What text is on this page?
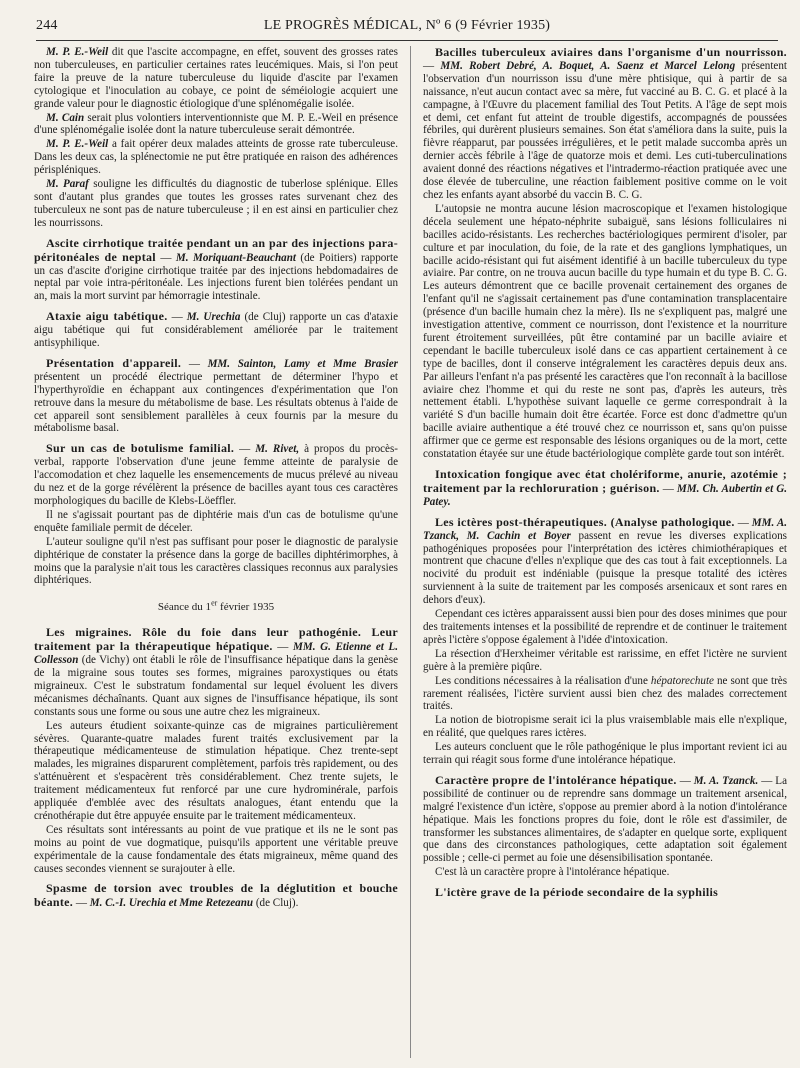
244	LE PROGRÈS MÉDICAL, Nº 6 (9 Février 1935)

M. P. E.-Weil dit que l'ascite accompagne, en effet, souvent des grosses rates non tuberculeuses, en particulier certaines rates leucémiques. Mais, si l'on peut faire la preuve de la nature tuberculeuse du liquide d'ascite par l'examen cytologique et l'inoculation au cobaye, ce point de séméiologie acquiert une grande valeur pour le diagnostic étiologique d'une splénomégalie isolée.

M. Cain serait plus volontiers interventionniste que M. P. E.-Weil en présence d'une splénomégalie isolée dont la nature tuberculeuse serait démontrée.

M. P. E.-Weil a fait opérer deux malades atteints de grosse rate tuberculeuse. Dans les deux cas, la splénectomie ne put être pratiquée en raison des adhérences périspléniques.

M. Paraf souligne les difficultés du diagnostic de tuberlose splénique. Elles sont d'autant plus grandes que toutes les grosses rates survenant chez des tuberculeux ne sont pas de nature tuberculeuse ; il en est ainsi en particulier chez les nourrissons.

Ascite cirrhotique traitée pendant un an par des injections para-péritonéales de neptal — M. Moriquant-Beauchant (de Poitiers) rapporte un cas d'ascite d'origine cirrhotique traitée par des injections hebdomadaires de neptal par voie intra-péritonéale. Les injections furent bien tolérées pendant un an, mais la mort survint par hémorragie intestinale.

Ataxie aigu tabétique. — M. Urechia (de Cluj) rapporte un cas d'ataxie aigu tabétique qui fut considérablement améliorée par le traitement antisyphilique.

Présentation d'appareil. — MM. Sainton, Lamy et Mme Brasier présentent un procédé électrique permettant de déterminer l'hypo et l'hyperthyroïdie en échappant aux contingences d'expérimentation que l'on retrouve dans la mesure du métabolisme de base. Les résultats obtenus à l'aide de cet appareil sont sensiblement parallèles à ceux fournis par la mesure du métabolisme basal.

Sur un cas de botulisme familial. — M. Rivet, à propos du procès-verbal, rapporte l'observation d'une jeune femme atteinte de paralysie de l'accomodation et chez laquelle les ensemencements de mucus prélevé au niveau du nez et de la gorge révélèrent la présence de bacilles ayant tous ces caractères morphologiques du bacille de Klebs-Löeffler.

Il ne s'agissait pourtant pas de diphtérie mais d'un cas de botulisme qu'une enquête familiale permit de déceler.

L'auteur souligne qu'il n'est pas suffisant pour poser le diagnostic de paralysie diphtérique de constater la présence dans la gorge de bacilles diphtérimorphes, à moins que la paralysie n'ait tous les caractères classiques reconnus aux paralysies diphtériques.

Séance du 1er février 1935

Les migraines. Rôle du foie dans leur pathogénie. Leur traitement par la thérapeutique hépatique. — MM. G. Etienne et L. Collesson (de Vichy) ont établi le rôle de l'insuffisance hépatique dans la genèse de la migraine sous toutes ses formes, migraines paroxystiques ou états migraineux. C'est le substratum fondamental sur lequel évoluent les divers mécanismes déchaînants. Quant aux signes de l'insuffisance hépatique, ils sont constants sous une forme ou sous une autre chez les migraineux.

Les auteurs étudient soixante-quinze cas de migraines particulièrement sévères. Quarante-quatre malades furent traités exclusivement par la thérapeutique médicamenteuse de stimulation hépatique. Chez trente-sept malades, les migraines disparurent complètement, parfois très rapidement, ou des s'atténuèrent et s'espacèrent très considérablement. Chez trente sujets, le traitement médicamenteux fut renforcé par une cure hydrominérale, parfois appliquée d'emblée avec des résultats analogues, étant entendu que la crénothérapie dut être appuyée ensuite par le traitement médicamenteux.

Ces résultats sont intéressants au point de vue pratique et ils ne le sont pas moins au point de vue dogmatique, puisqu'ils apportent une véritable preuve expérimentale de la cause fondamentale des états migraineux, même quand des causes secondes viennent se surajouter à elle.

Spasme de torsion avec troubles de la déglutition et bouche béante. — M. C.-I. Urechia et Mme Retezeanu (de Cluj).

Bacilles tuberculeux aviaires dans l'organisme d'un nourrisson. — MM. Robert Debré, A. Boquet, A. Saenz et Marcel Lelong présentent l'observation d'un nourrisson issu d'une mère phtisique, qui à partir de sa naissance, n'eut aucun contact avec sa mère, fut vacciné au B. C. G. et placé à la campagne, à l'Œuvre du placement familial des Tout Petits. A l'âge de sept mois et demi, cet enfant fut atteint de trouble digestifs, accompagnés de poussées fébriles, qui durèrent plusieurs semaines. Son état s'améliora dans la suite, puis la fièvre réapparut, par poussées irrégulières, et le petit malade succomba après un dernier accès fébrile à l'âge de quatorze mois et demi. Les cuti-tuberculinations avaient donné des réactions négatives et l'intradermo-réaction pratiquée avec une dose élevée de tuberculine, une réaction faiblement positive comme on le voit chez les enfants ayant absorbé du vaccin B. C. G.

L'autopsie ne montra aucune lésion macroscopique et l'examen histologique décela seulement une hépato-néphrite subaiguë, sans lésions folliculaires ni bacilles acido-résistants. Les recherches bactériologiques permirent d'isoler, par culture et par inoculation, du foie, de la rate et des ganglions lymphatiques, un bacille acido-résistant qui fut aisément identifié à un bacille tuberculeux du type aviaire. Par contre, on ne trouva aucun bacille du type humain et du type B. C. G. Les auteurs démontrent que ce bacille provenait certainement des organes de l'enfant qu'il ne s'agissait certainement pas d'une contamination transplacentaire (présence d'un bacille humain chez la mère). Ils ne s'expliquent pas, malgré une investigation attentive, comment ce nourrisson, dont l'existence et la nourriture furent étroitement surveillées, pût être contaminé par un bacille aviaire et cependant le bacille tuberculeux isolé dans ce cas appartient certainement à ce type de bacilles, dont il conserve intégralement les caractères depuis deux ans. Par ailleurs l'enfant n'a pas présenté les caractères que l'on reconnaît à la bacillose aviaire chez l'homme et qui du reste ne sont pas, d'après les auteurs, très nettement établi. L'hypothèse suivant laquelle ce germe correspondrait à la variété S d'un bacille humain doit être écartée. Force est donc d'admettre qu'un bacille aviaire authentique a été trouvé chez ce nourrisson et, sans qu'on puisse affirmer que ce germe est responsable des lésions organiques ou de la mort, cette constatation étayée sur une étude bactériologique complète garde tout son intérêt.

Intoxication fongique avec état cholériforme, anurie, azotémie ; traitement par la rechloruration ; guérison. — MM. Ch. Aubertin et G. Patey.

Les ictères post-thérapeutiques. (Analyse pathologique. — MM. A. Tzanck, M. Cachin et Boyer passent en revue les diverses explications pathogéniques proposées pour l'interprétation des ictères chimiothérapiques et montrent que chacune d'elles n'explique que des cas tout à fait exceptionnels. La nocivité du produit est indéniable (puisque la presque totalité des ictères surviennent à la suite de traitement par les composés arsenicaux et sont rares en dehors d'eux).

Cependant ces ictères apparaissent aussi bien pour des doses minimes que pour des traitements intenses et la possibilité de reprendre et de continuer le traitement après l'ictère s'oppose également à l'idée d'intoxication.

La résection d'Herxheimer véritable est rarissime, en effet l'ictère ne survient guère à la première piqûre.

Les conditions nécessaires à la réalisation d'une hépatorechute ne sont que très rarement réalisées, l'ictère survient aussi bien chez des malades correctement traités.

La notion de biotropisme serait ici la plus vraisemblable mais elle n'explique, en réalité, que quelques rares ictères.

Les auteurs concluent que le rôle pathogénique le plus important revient ici au terrain qui réagit sous forme d'une intolérance hépatique.

Caractère propre de l'intolérance hépatique. — M. A. Tzanck. — La possibilité de continuer ou de reprendre sans dommage un traitement arsenical, malgré l'existence d'un ictère, s'oppose au premier abord à la notion d'intolérance hépatique. Mais les fonctions propres du foie, dont le rôle est d'assimiler, de transformer les substances alimentaires, de s'adapter en quelque sorte, expliquent que dans des circonstances pathologiques, cette adaptation soit également possible ; celle-ci permet au foie une désensibilisation spontanée.

C'est là un caractère propre à l'intolérance hépatique.

L'ictère grave de la période secondaire de la syphilis
